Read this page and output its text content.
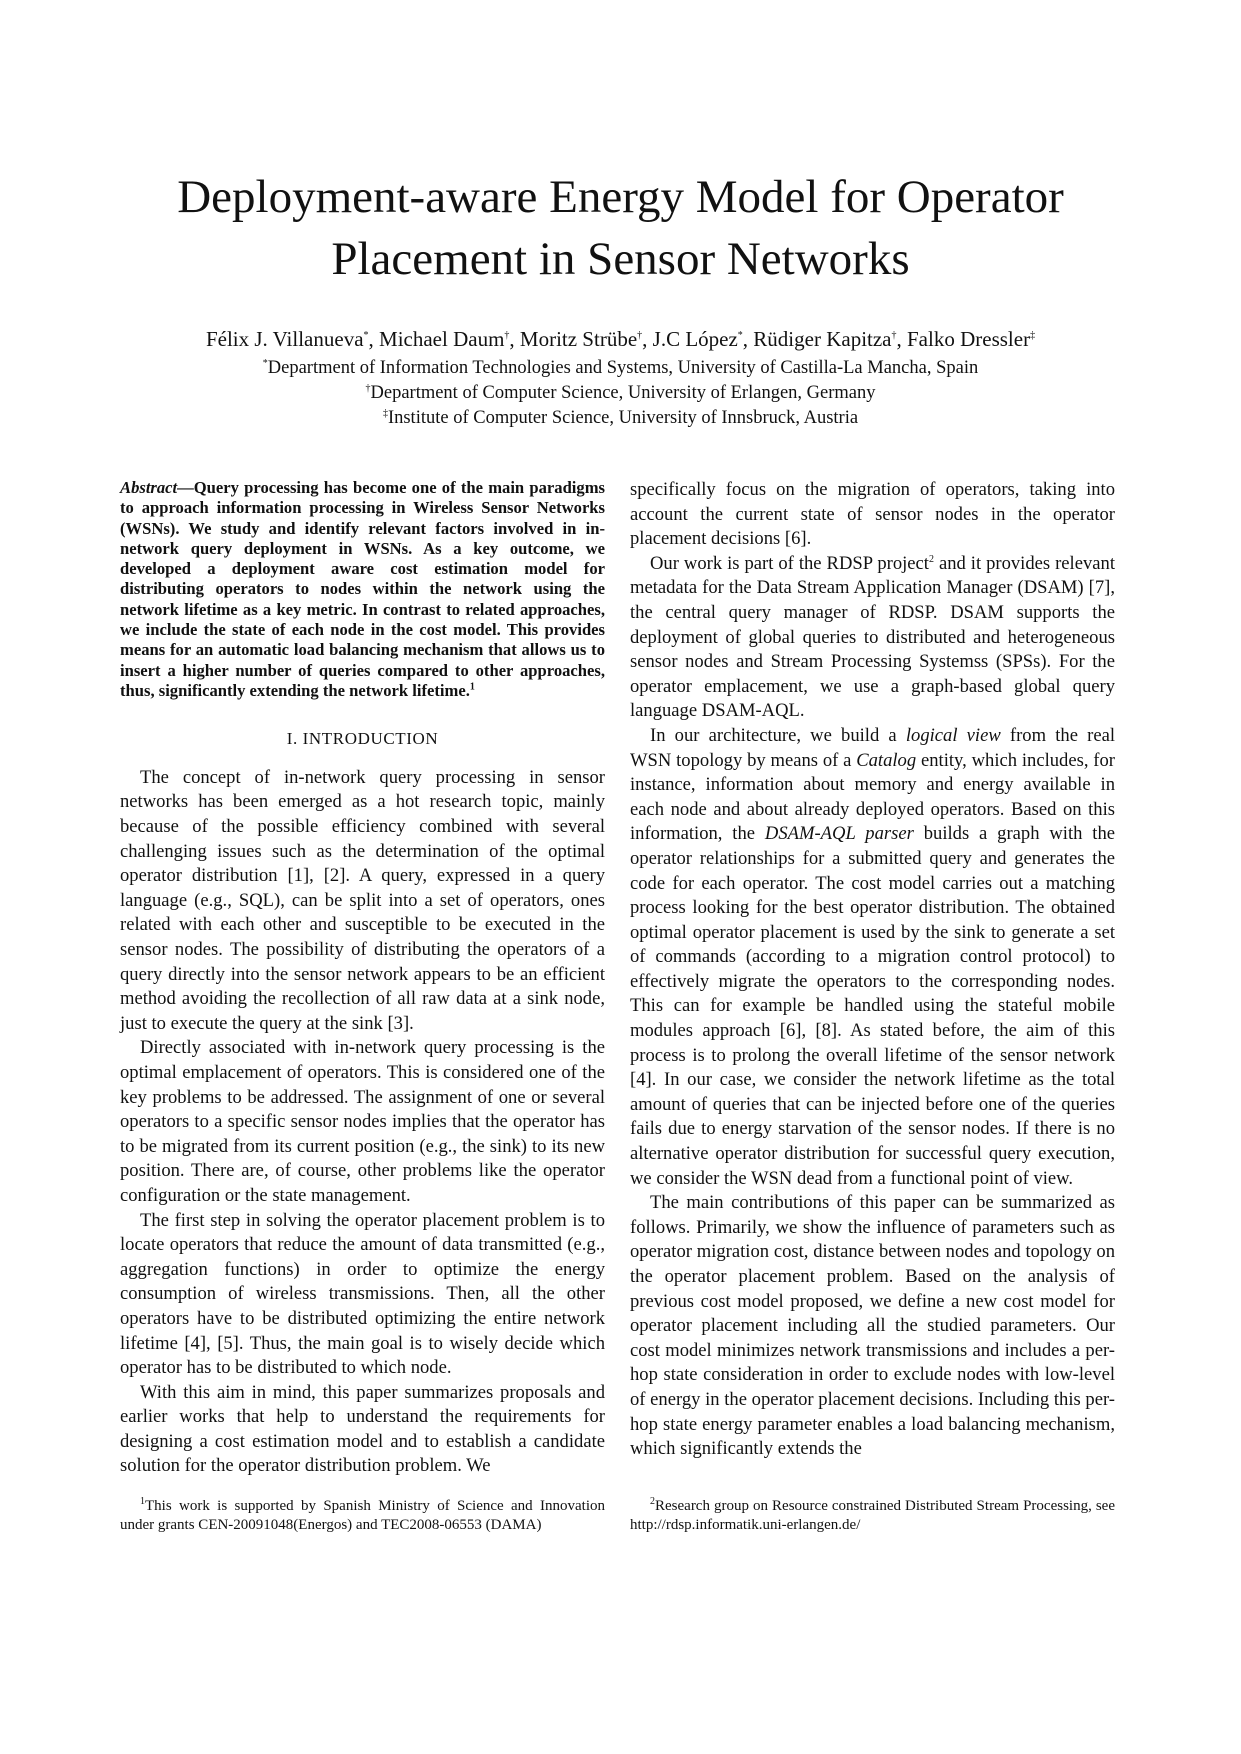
Deployment-aware Energy Model for Operator
Placement in Sensor Networks
Félix J. Villanueva*, Michael Daum†, Moritz Strübe†, J.C López*, Rüdiger Kapitza†, Falko Dressler‡
*Department of Information Technologies and Systems, University of Castilla-La Mancha, Spain
†Department of Computer Science, University of Erlangen, Germany
‡Institute of Computer Science, University of Innsbruck, Austria

Abstract—Query processing has become one of the main paradigms to approach information processing in Wireless Sensor Networks (WSNs). We study and identify relevant factors involved in in-network query deployment in WSNs. As a key outcome, we developed a deployment aware cost estimation model for distributing operators to nodes within the network using the network lifetime as a key metric. In contrast to related approaches, we include the state of each node in the cost model. This provides means for an automatic load balancing mechanism that allows us to insert a higher number of queries compared to other approaches, thus, significantly extending the network lifetime.$^1$

I. INTRODUCTION

The concept of in-network query processing in sensor networks has been emerged as a hot research topic, mainly because of the possible efficiency combined with several challenging issues such as the determination of the optimal operator distribution [1], [2]. A query, expressed in a query language (e.g., SQL), can be split into a set of operators, ones related with each other and susceptible to be executed in the sensor nodes. The possibility of distributing the operators of a query directly into the sensor network appears to be an efficient method avoiding the recollection of all raw data at a sink node, just to execute the query at the sink [3].

Directly associated with in-network query processing is the optimal emplacement of operators. This is considered one of the key problems to be addressed. The assignment of one or several operators to a specific sensor nodes implies that the operator has to be migrated from its current position (e.g., the sink) to its new position. There are, of course, other problems like the operator configuration or the state management.

The first step in solving the operator placement problem is to locate operators that reduce the amount of data transmitted (e.g., aggregation functions) in order to optimize the energy consumption of wireless transmissions. Then, all the other operators have to be distributed optimizing the entire network lifetime [4], [5]. Thus, the main goal is to wisely decide which operator has to be distributed to which node.

With this aim in mind, this paper summarizes proposals and earlier works that help to understand the requirements for designing a cost estimation model and to establish a candidate solution for the operator distribution problem. We

specifically focus on the migration of operators, taking into account the current state of sensor nodes in the operator placement decisions [6].

Our work is part of the RDSP project$^2$ and it provides relevant metadata for the Data Stream Application Manager (DSAM) [7], the central query manager of RDSP. DSAM supports the deployment of global queries to distributed and heterogeneous sensor nodes and Stream Processing Systemss (SPSs). For the operator emplacement, we use a graph-based global query language DSAM-AQL.

In our architecture, we build a logical view from the real WSN topology by means of a Catalog entity, which includes, for instance, information about memory and energy available in each node and about already deployed operators. Based on this information, the DSAM-AQL parser builds a graph with the operator relationships for a submitted query and generates the code for each operator. The cost model carries out a matching process looking for the best operator distribution. The obtained optimal operator placement is used by the sink to generate a set of commands (according to a migration control protocol) to effectively migrate the operators to the corresponding nodes. This can for example be handled using the stateful mobile modules approach [6], [8]. As stated before, the aim of this process is to prolong the overall lifetime of the sensor network [4]. In our case, we consider the network lifetime as the total amount of queries that can be injected before one of the queries fails due to energy starvation of the sensor nodes. If there is no alternative operator distribution for successful query execution, we consider the WSN dead from a functional point of view.

The main contributions of this paper can be summarized as follows. Primarily, we show the influence of parameters such as operator migration cost, distance between nodes and topology on the operator placement problem. Based on the analysis of previous cost model proposed, we define a new cost model for operator placement including all the studied parameters. Our cost model minimizes network transmissions and includes a per-hop state consideration in order to exclude nodes with low-level of energy in the operator placement decisions. Including this per-hop state energy parameter enables a load balancing mechanism, which significantly extends the

$^1$This work is supported by Spanish Ministry of Science and Innovation under grants CEN-20091048(Energos) and TEC2008-06553 (DAMA)
$^2$Research group on Resource constrained Distributed Stream Processing, see http://rdsp.informatik.uni-erlangen.de/
